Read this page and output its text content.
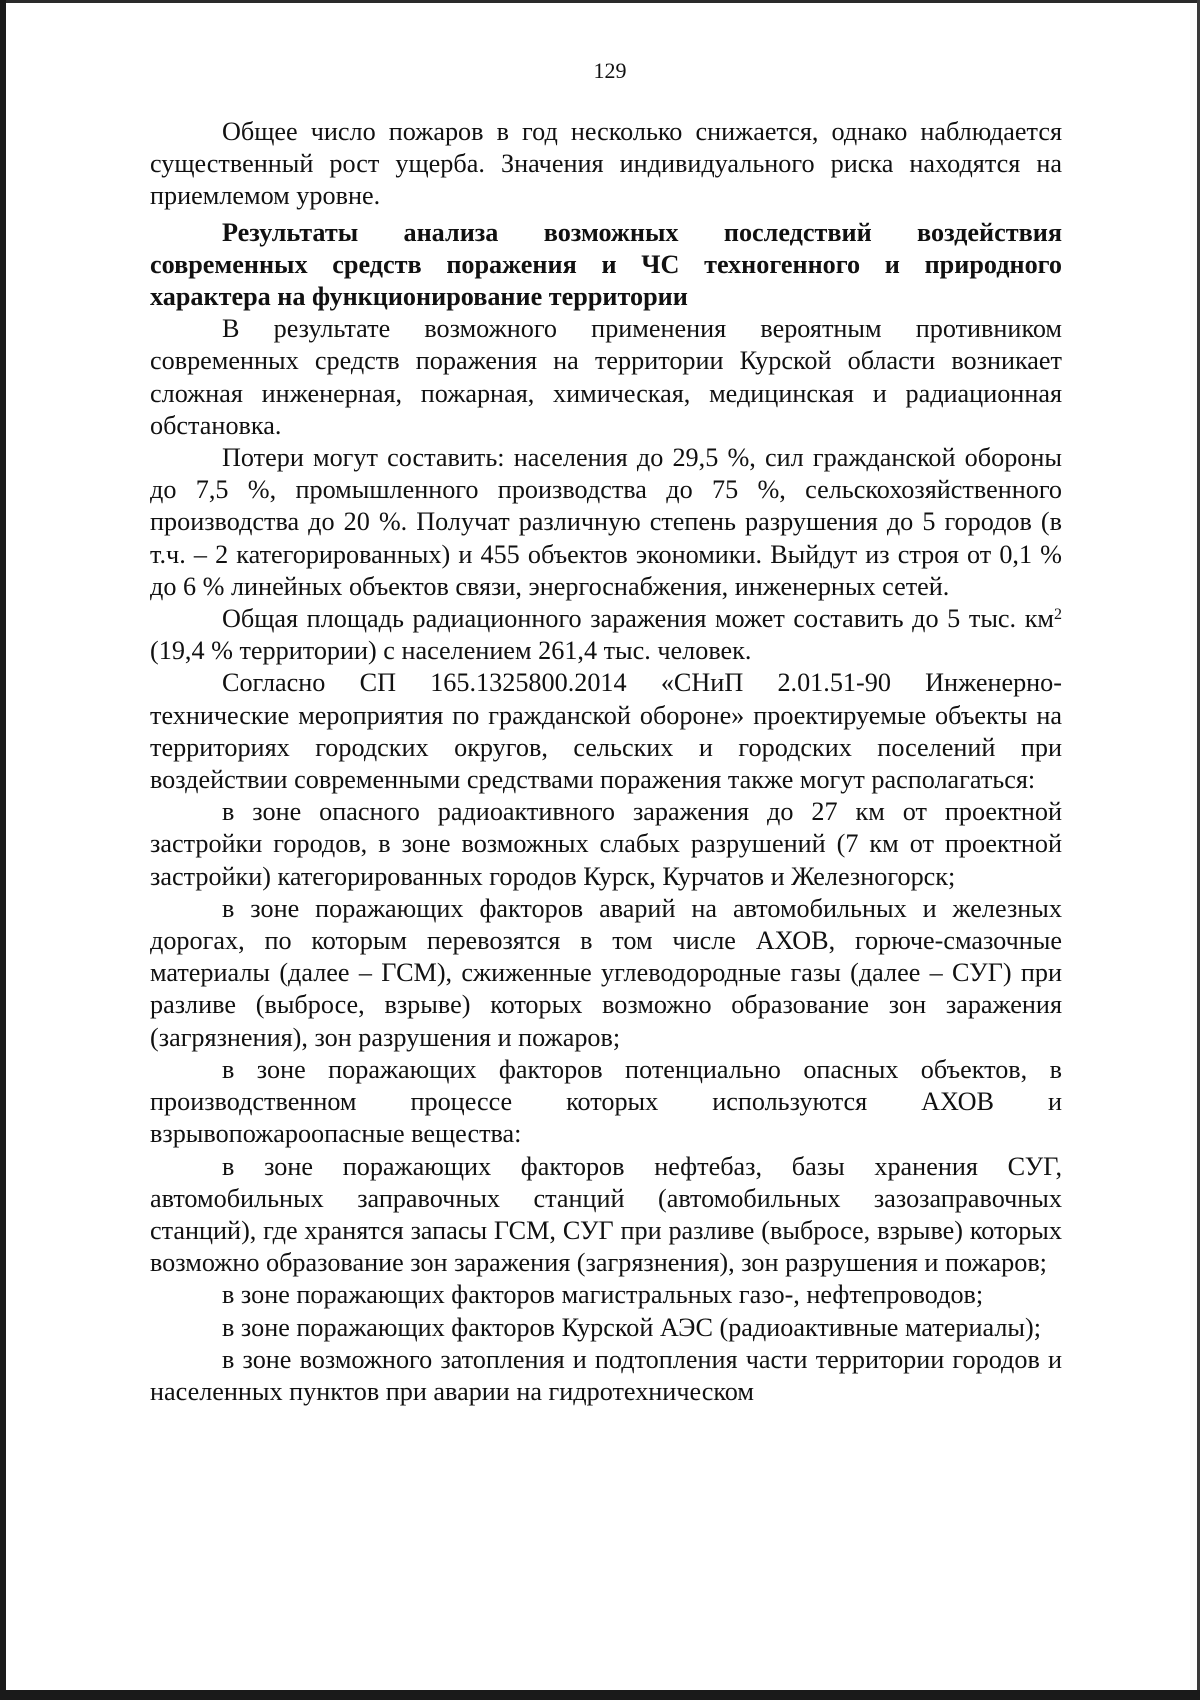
129

Общее число пожаров в год несколько снижается, однако наблюдается существенный рост ущерба. Значения индивидуального риска находятся на приемлемом уровне.

Результаты анализа возможных последствий воздействия современных средств поражения и ЧС техногенного и природного характера на функционирование территории

В результате возможного применения вероятным противником современных средств поражения на территории Курской области возникает сложная инженерная, пожарная, химическая, медицинская и радиационная обстановка.

Потери могут составить: населения до 29,5 %, сил гражданской обороны до 7,5 %, промышленного производства до 75 %, сельскохозяйственного производства до 20 %. Получат различную степень разрушения до 5 городов (в т.ч. – 2 категорированных) и 455 объектов экономики. Выйдут из строя от 0,1 % до 6 % линейных объектов связи, энергоснабжения, инженерных сетей.

Общая площадь радиационного заражения может составить до 5 тыс. $км^2$ (19,4 % территории) с населением 261,4 тыс. человек.

Согласно СП 165.1325800.2014 «СНиП 2.01.51-90 Инженерно-технические мероприятия по гражданской обороне» проектируемые объекты на территориях городских округов, сельских и городских поселений при воздействии современными средствами поражения также могут располагаться:

в зоне опасного радиоактивного заражения до 27 км от проектной застройки городов, в зоне возможных слабых разрушений (7 км от проектной застройки) категорированных городов Курск, Курчатов и Железногорск;

в зоне поражающих факторов аварий на автомобильных и железных дорогах, по которым перевозятся в том числе АХОВ, горюче-смазочные материалы (далее – ГСМ), сжиженные углеводородные газы (далее – СУГ) при разливе (выбросе, взрыве) которых возможно образование зон заражения (загрязнения), зон разрушения и пожаров;

в зоне поражающих факторов потенциально опасных объектов, в производственном процессе которых используются АХОВ и взрывопожароопасные вещества:

в зоне поражающих факторов нефтебаз, базы хранения СУГ, автомобильных заправочных станций (автомобильных зазозаправочных станций), где хранятся запасы ГСМ, СУГ при разливе (выбросе, взрыве) которых возможно образование зон заражения (загрязнения), зон разрушения и пожаров;

в зоне поражающих факторов магистральных газо-, нефтепроводов;

в зоне поражающих факторов Курской АЭС (радиоактивные материалы);

в зоне возможного затопления и подтопления части территории городов и населенных пунктов при аварии на гидротехническом
